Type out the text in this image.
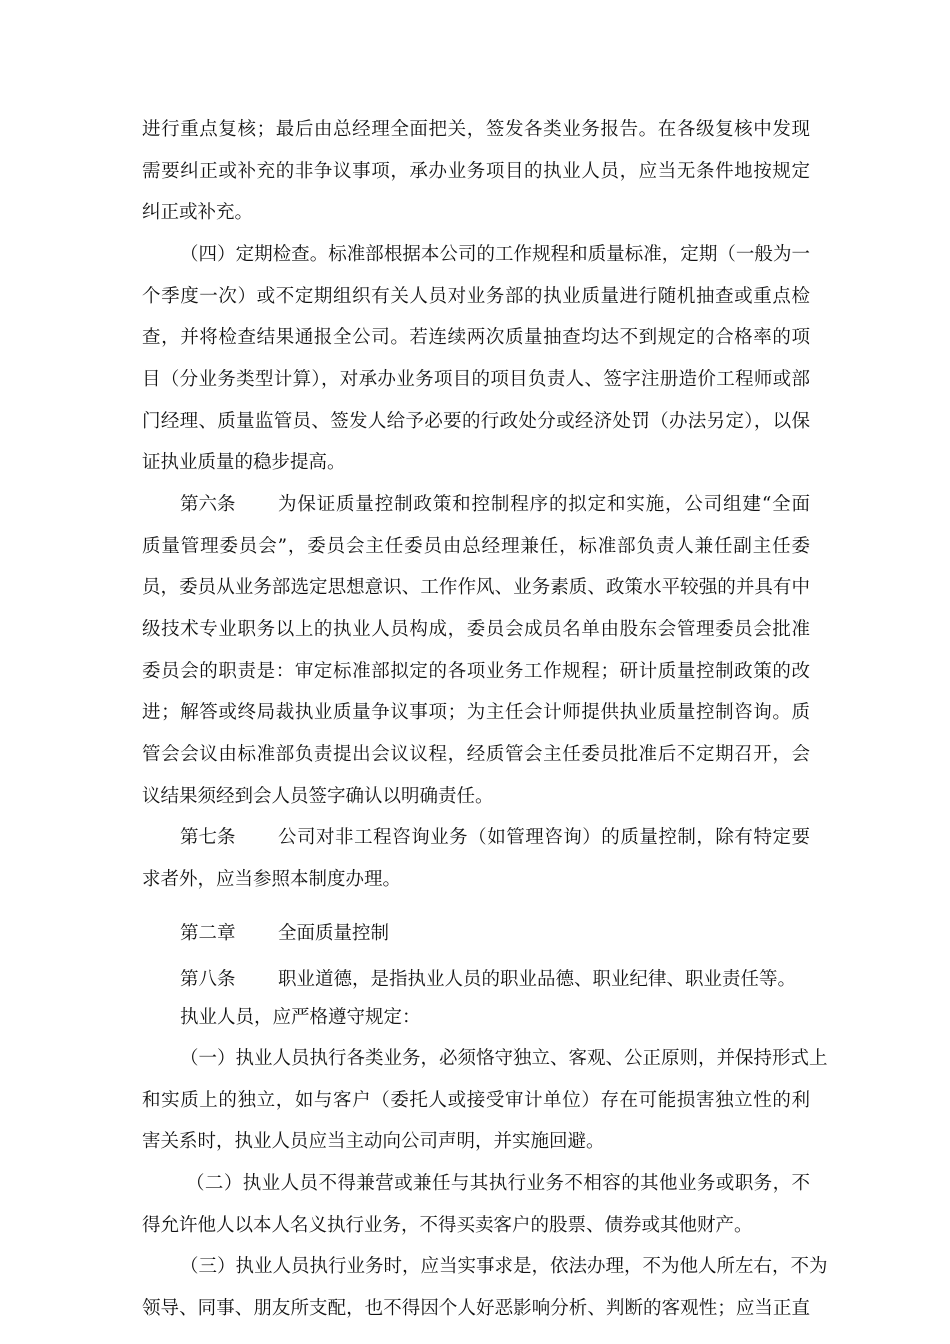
进行重点复核；最后由总经理全面把关，签发各类业务报告。在各级复核中发现
需要纠正或补充的非争议事项，承办业务项目的执业人员，应当无条件地按规定
纠正或补充。
（四）定期检查。标准部根据本公司的工作规程和质量标准，定期（一般为一
个季度一次）或不定期组织有关人员对业务部的执业质量进行随机抽查或重点检
查，并将检查结果通报全公司。若连续两次质量抽查均达不到规定的合格率的项
目（分业务类型计算），对承办业务项目的项目负责人、签字注册造价工程师或部
门经理、质量监管员、签发人给予必要的行政处分或经济处罚（办法另定），以保
证执业质量的稳步提高。
第六条	为保证质量控制政策和控制程序的拟定和实施，公司组建“全面
质量管理委员会”，委员会主任委员由总经理兼任，标准部负责人兼任副主任委
员，委员从业务部选定思想意识、工作作风、业务素质、政策水平较强的并具有中
级技术专业职务以上的执业人员构成，委员会成员名单由股东会管理委员会批准
委员会的职责是：审定标准部拟定的各项业务工作规程；研计质量控制政策的改
进；解答或终局裁执业质量争议事项；为主任会计师提供执业质量控制咨询。质
管会会议由标准部负责提出会议议程，经质管会主任委员批准后不定期召开，会
议结果须经到会人员签字确认以明确责任。
第七条	公司对非工程咨询业务（如管理咨询）的质量控制，除有特定要
求者外，应当参照本制度办理。
第二章	全面质量控制
第八条	职业道德，是指执业人员的职业品德、职业纪律、职业责任等。
执业人员，应严格遵守规定：
（一）执业人员执行各类业务，必须恪守独立、客观、公正原则，并保持形式上
和实质上的独立，如与客户（委托人或接受审计单位）存在可能损害独立性的利
害关系时，执业人员应当主动向公司声明，并实施回避。
（二）执业人员不得兼营或兼任与其执行业务不相容的其他业务或职务，不
得允许他人以本人名义执行业务，不得买卖客户的股票、债券或其他财产。
（三）执业人员执行业务时，应当实事求是，依法办理，不为他人所左右，不为
领导、同事、朋友所支配，也不得因个人好恶影响分析、判断的客观性；应当正直
